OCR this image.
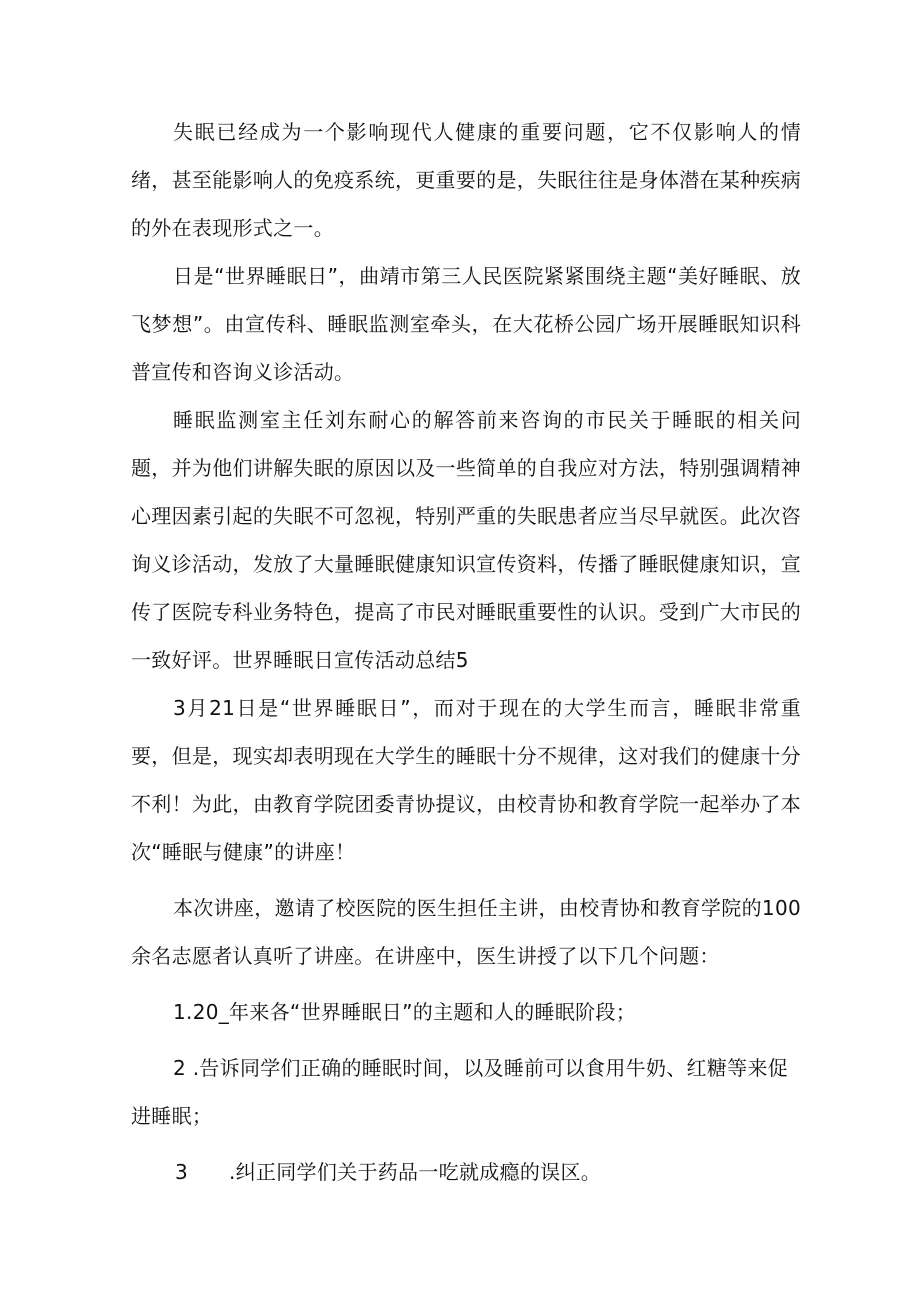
失眠已经成为一个影响现代人健康的重要问题，它不仅影响人的情绪，甚至能影响人的免疫系统，更重要的是，失眠往往是身体潜在某种疾病的外在表现形式之一。

日是“世界睡眠日”，曲靖市第三人民医院紧紧围绕主题“美好睡眠、放飞梦想”。由宣传科、睡眠监测室牵头，在大花桥公园广场开展睡眠知识科普宣传和咨询义诊活动。

睡眠监测室主任刘东耐心的解答前来咨询的市民关于睡眠的相关问题，并为他们讲解失眠的原因以及一些简单的自我应对方法，特别强调精神心理因素引起的失眠不可忽视，特别严重的失眠患者应当尽早就医。此次咨询义诊活动，发放了大量睡眠健康知识宣传资料，传播了睡眠健康知识，宣传了医院专科业务特色，提高了市民对睡眠重要性的认识。受到广大市民的一致好评。世界睡眠日宣传活动总结5

3月21日是“世界睡眠日”，而对于现在的大学生而言，睡眠非常重要，但是，现实却表明现在大学生的睡眠十分不规律，这对我们的健康十分不利！为此，由教育学院团委青协提议，由校青协和教育学院一起举办了本次“睡眠与健康”的讲座！

本次讲座，邀请了校医院的医生担任主讲，由校青协和教育学院的100余名志愿者认真听了讲座。在讲座中，医生讲授了以下几个问题：

1.20_年来各“世界睡眠日”的主题和人的睡眠阶段；

2 .告诉同学们正确的睡眠时间，以及睡前可以食用牛奶、红糖等来促进睡眠；

3 .纠正同学们关于药品一吃就成瘾的误区。
